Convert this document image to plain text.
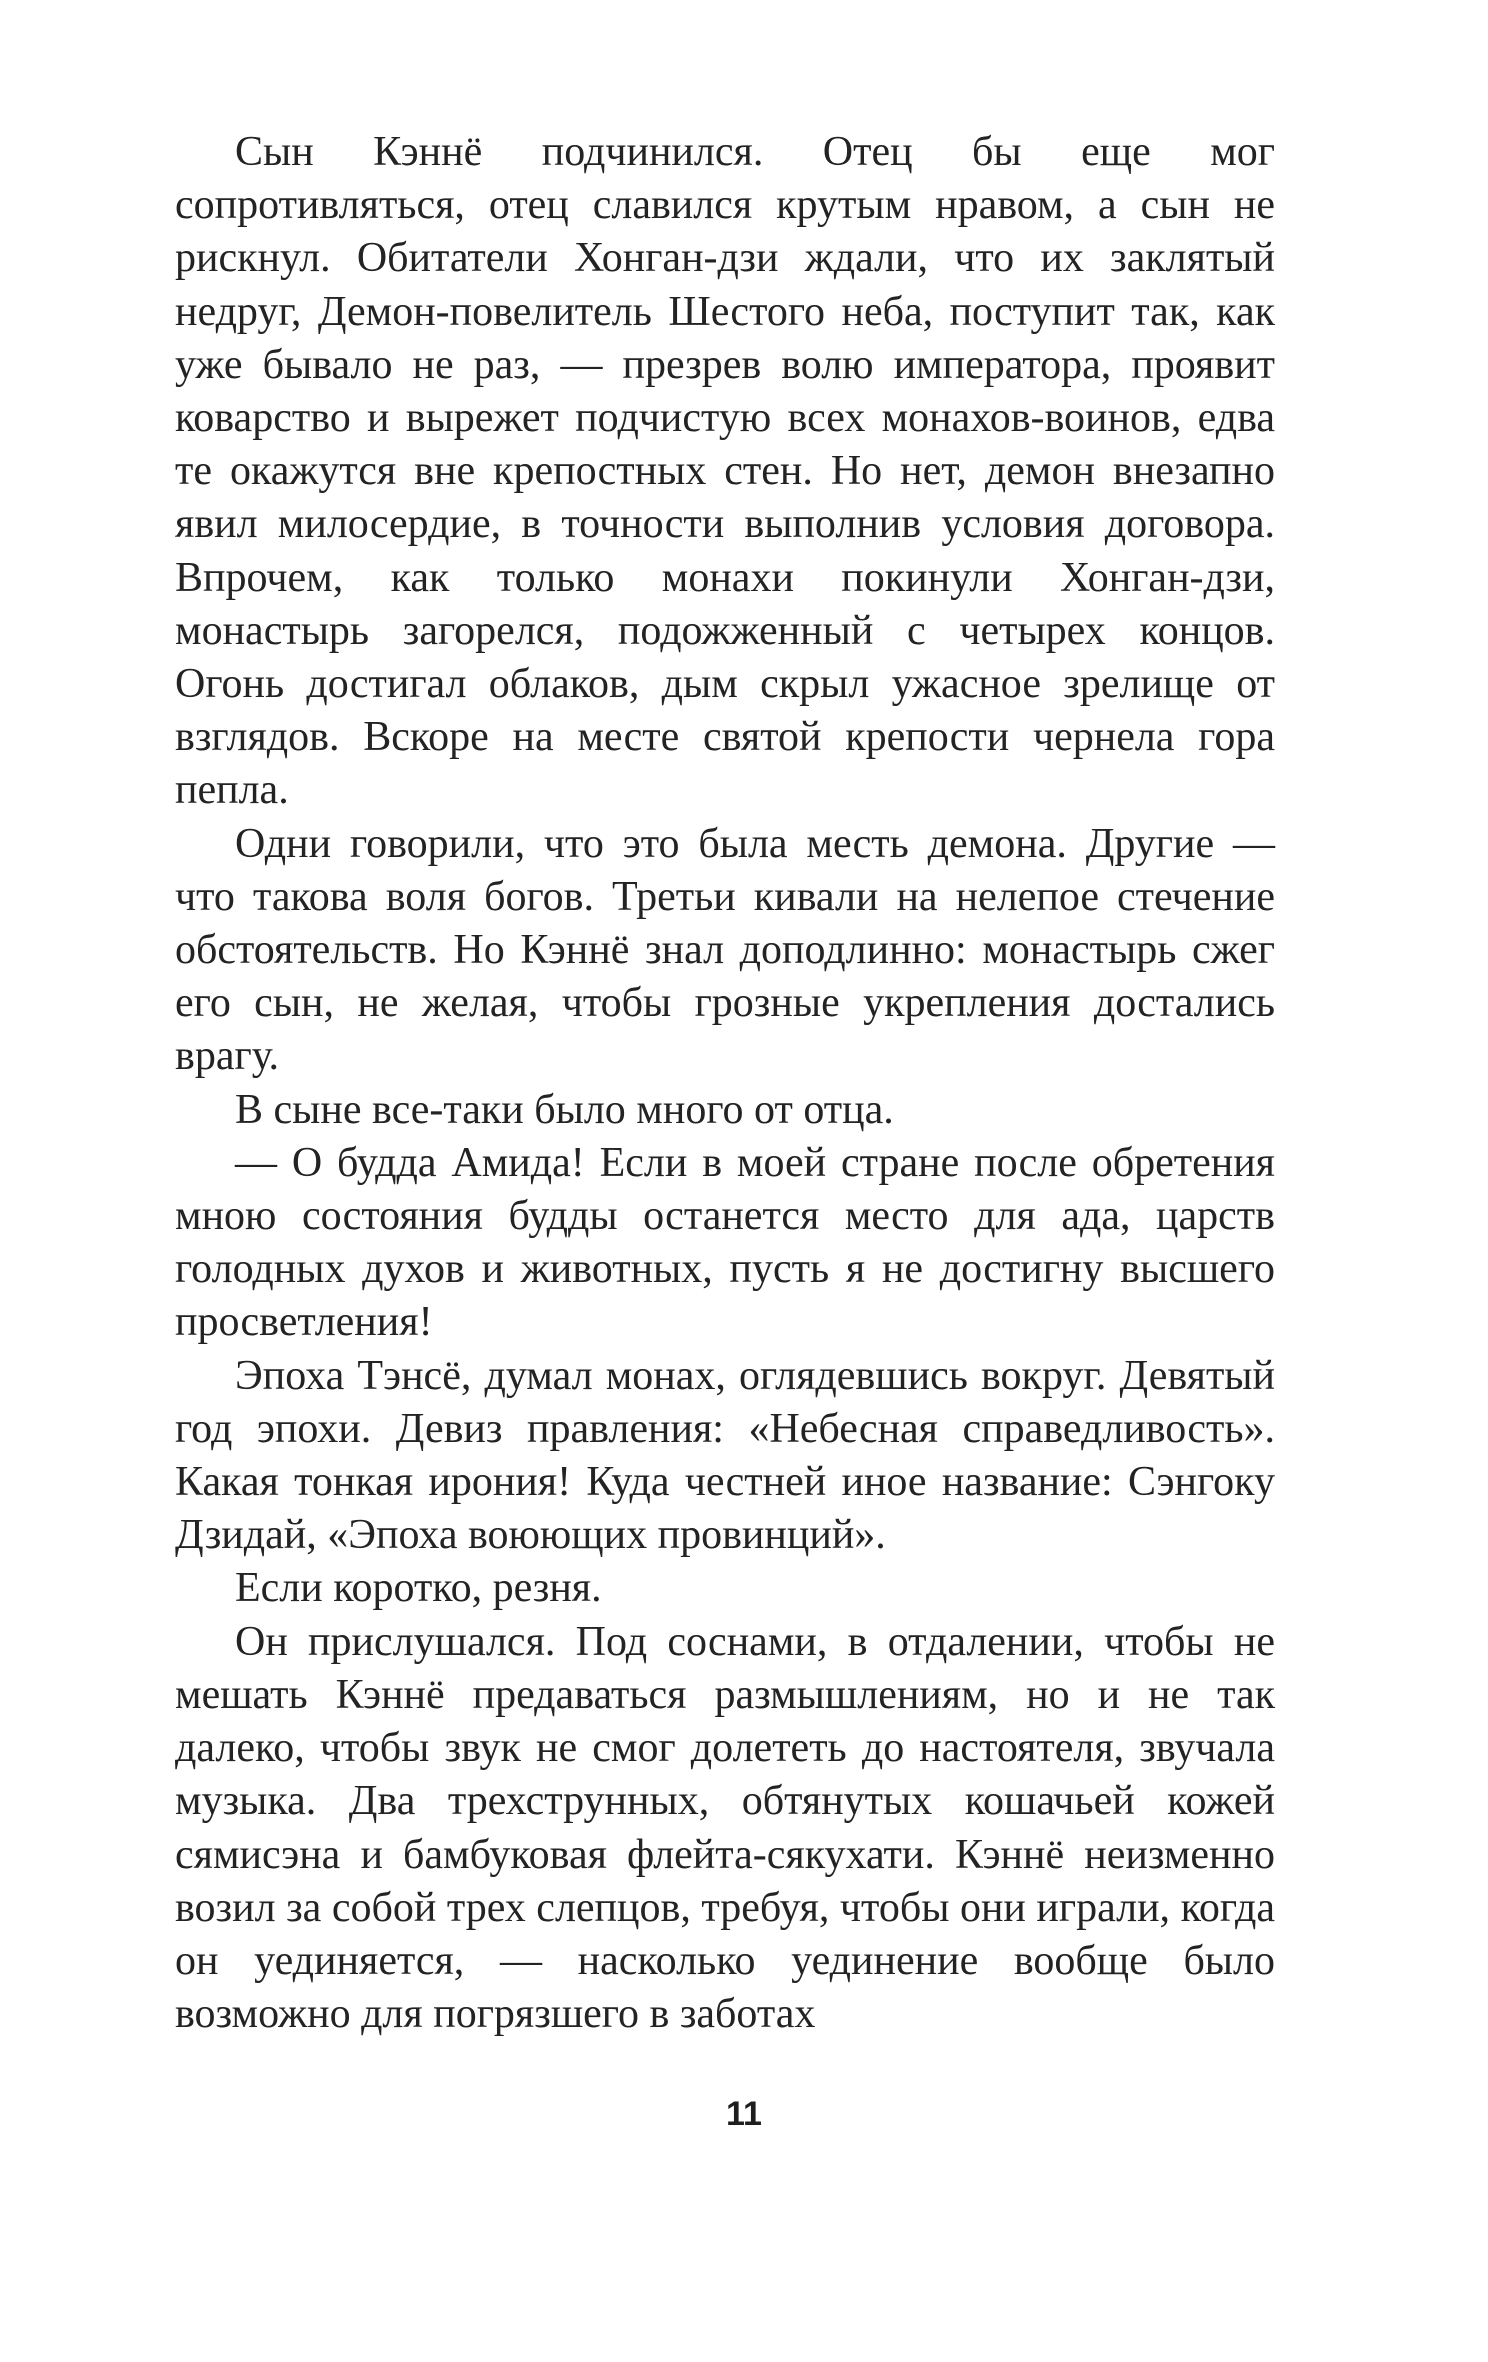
Сын Кэннё подчинился. Отец бы еще мог сопротивляться, отец славился крутым нравом, а сын не рискнул. Обитатели Хонган-дзи ждали, что их заклятый недруг, Демон-повелитель Шестого неба, поступит так, как уже бывало не раз, — презрев волю императора, проявит коварство и вырежет подчистую всех монахов-воинов, едва те окажутся вне крепостных стен. Но нет, демон внезапно явил милосердие, в точности выполнив условия договора. Впрочем, как только монахи покинули Хонган-дзи, монастырь загорелся, подожженный с четырех концов. Огонь достигал облаков, дым скрыл ужасное зрелище от взглядов. Вскоре на месте святой крепости чернела гора пепла.

Одни говорили, что это была месть демона. Другие — что такова воля богов. Третьи кивали на нелепое стечение обстоятельств. Но Кэннё знал доподлинно: монастырь сжег его сын, не желая, чтобы грозные укрепления достались врагу.

В сыне все-таки было много от отца.

— О будда Амида! Если в моей стране после обретения мною состояния будды останется место для ада, царств голодных духов и животных, пусть я не достигну высшего просветления!

Эпоха Тэнсё, думал монах, оглядевшись вокруг. Девятый год эпохи. Девиз правления: «Небесная справедливость». Какая тонкая ирония! Куда честней иное название: Сэнгоку Дзидай, «Эпоха воюющих провинций».

Если коротко, резня.

Он прислушался. Под соснами, в отдалении, чтобы не мешать Кэннё предаваться размышлениям, но и не так далеко, чтобы звук не смог долететь до настоятеля, звучала музыка. Два трехструнных, обтянутых кошачьей кожей сямисэна и бамбуковая флейта-сякухати. Кэннё неизменно возил за собой трех слепцов, требуя, чтобы они играли, когда он уединяется, — насколько уединение вообще было возможно для погрязшего в заботах

11
